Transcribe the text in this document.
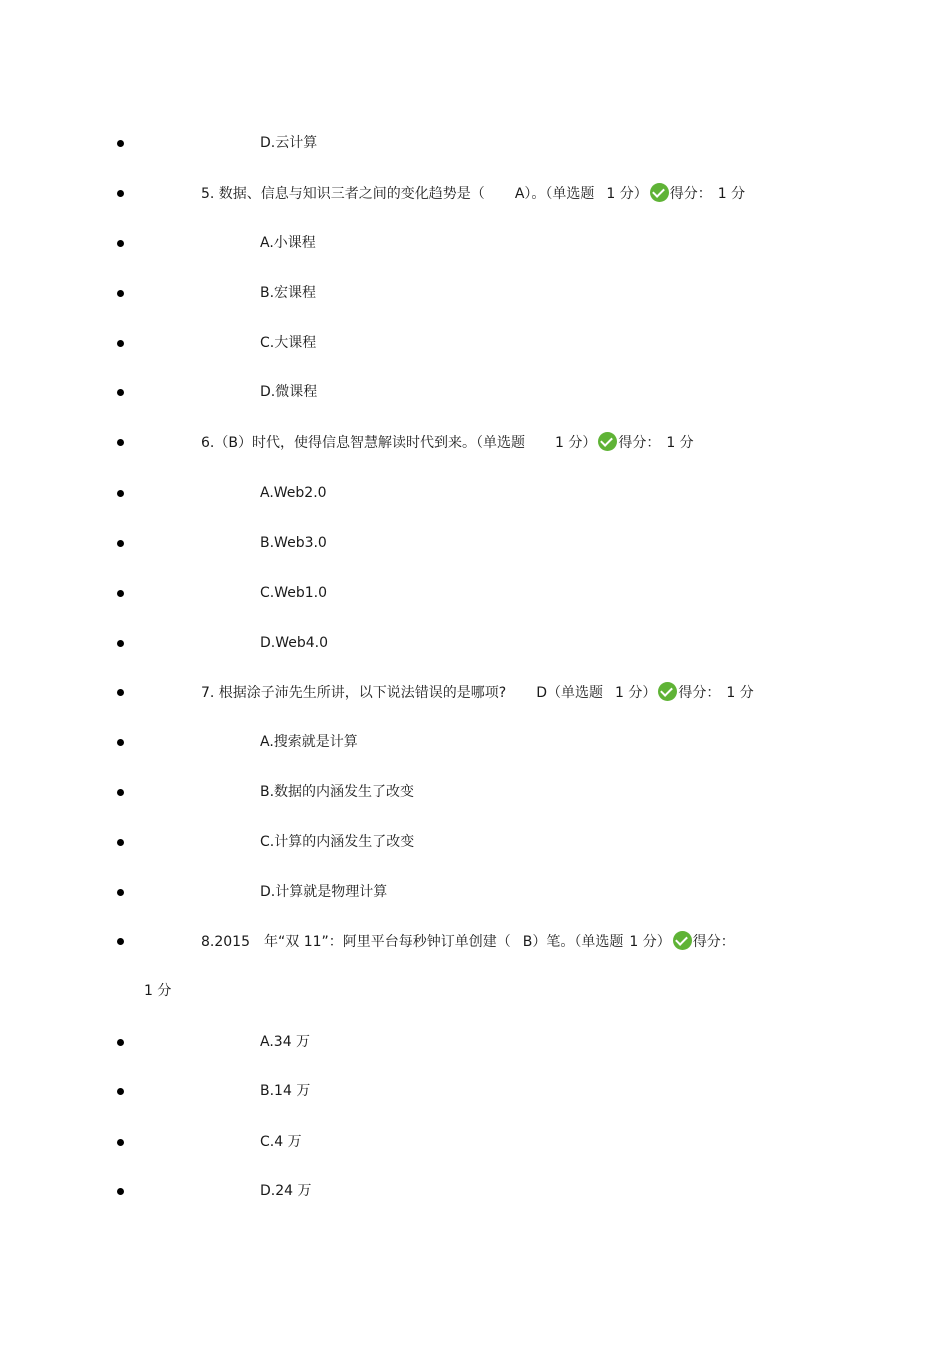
D.云计算
5. 数据、信息与知识三者之间的变化趋势是（ A）。（单选题 1 分） 得分： 1 分
A.小课程
B.宏课程
C.大课程
D.微课程
6.（B）时代，使得信息智慧解读时代到来。（单选题 1 分） 得分： 1 分
A.Web2.0
B.Web3.0
C.Web1.0
D.Web4.0
7. 根据涂子沛先生所讲，以下说法错误的是哪项? D（单选题 1 分） 得分： 1 分
A.搜索就是计算
B.数据的内涵发生了改变
C.计算的内涵发生了改变
D.计算就是物理计算
8.2015　年“双 11”：阿里平台每秒钟订单创建（ B）笔。（单选题 1 分） 得分：
1 分
A.34 万
B.14 万
C.4 万
D.24 万
